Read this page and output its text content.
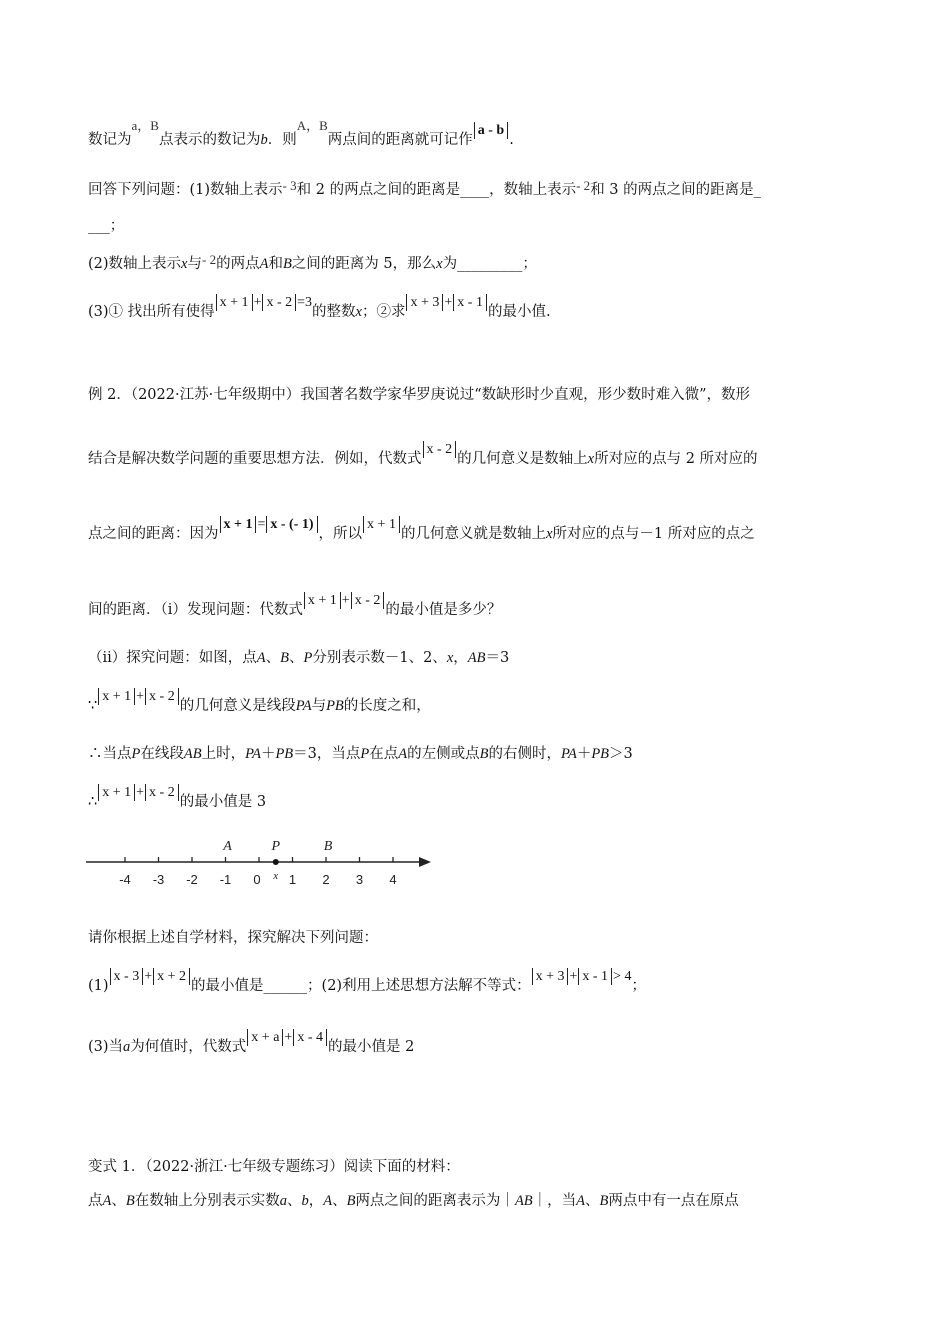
数记为a，B点表示的数记为b．则A，B两点间的距离就可记作a - b.
回答下列问题：(1)数轴上表示- 3和 2 的两点之间的距离是____，数轴上表示- 2和 3 的两点之间的距离是_
___；
(2)数轴上表示x与- 2的两点A和B之间的距离为 5，那么x为_________；
(3)① 找出所有使得x + 1 + x - 2 =3的整数x；②求x + 3 + x - 1的最小值.
例 2．（2022·江苏·七年级期中）我国著名数学家华罗庚说过“数缺形时少直观，形少数时难入微”，数形
结合是解决数学问题的重要思想方法．例如，代数式x - 2的几何意义是数轴上x所对应的点与 2 所对应的
点之间的距离：因为x + 1 = x - (- 1)，所以x + 1的几何意义就是数轴上x所对应的点与－1 所对应的点之
间的距离．（ⅰ）发现问题：代数式x + 1 + x - 2的最小值是多少？
（ⅱ）探究问题：如图，点A、B、P分别表示数－1、2、x，AB＝3
∵x + 1 + x - 2的几何意义是线段PA与PB的长度之和，
∴当点P在线段AB上时，PA＋PB＝3，当点P在点A的左侧或点B的右侧时，PA＋PB＞3
∴x + 1 + x - 2的最小值是 3
-4 -3 -2 -1 0 1 2 3 4
A	P
x
B
请你根据上述自学材料，探究解决下列问题：
(1)x - 3 + x + 2的最小值是______；(2)利用上述思想方法解不等式：x + 3 + x - 1 > 4；
(3)当a为何值时，代数式x + a + x - 4的最小值是 2
变式 1．（2022·浙江·七年级专题练习）阅读下面的材料：
点A、B在数轴上分别表示实数a、b，A、B两点之间的距离表示为｜AB｜，当A、B两点中有一点在原点
